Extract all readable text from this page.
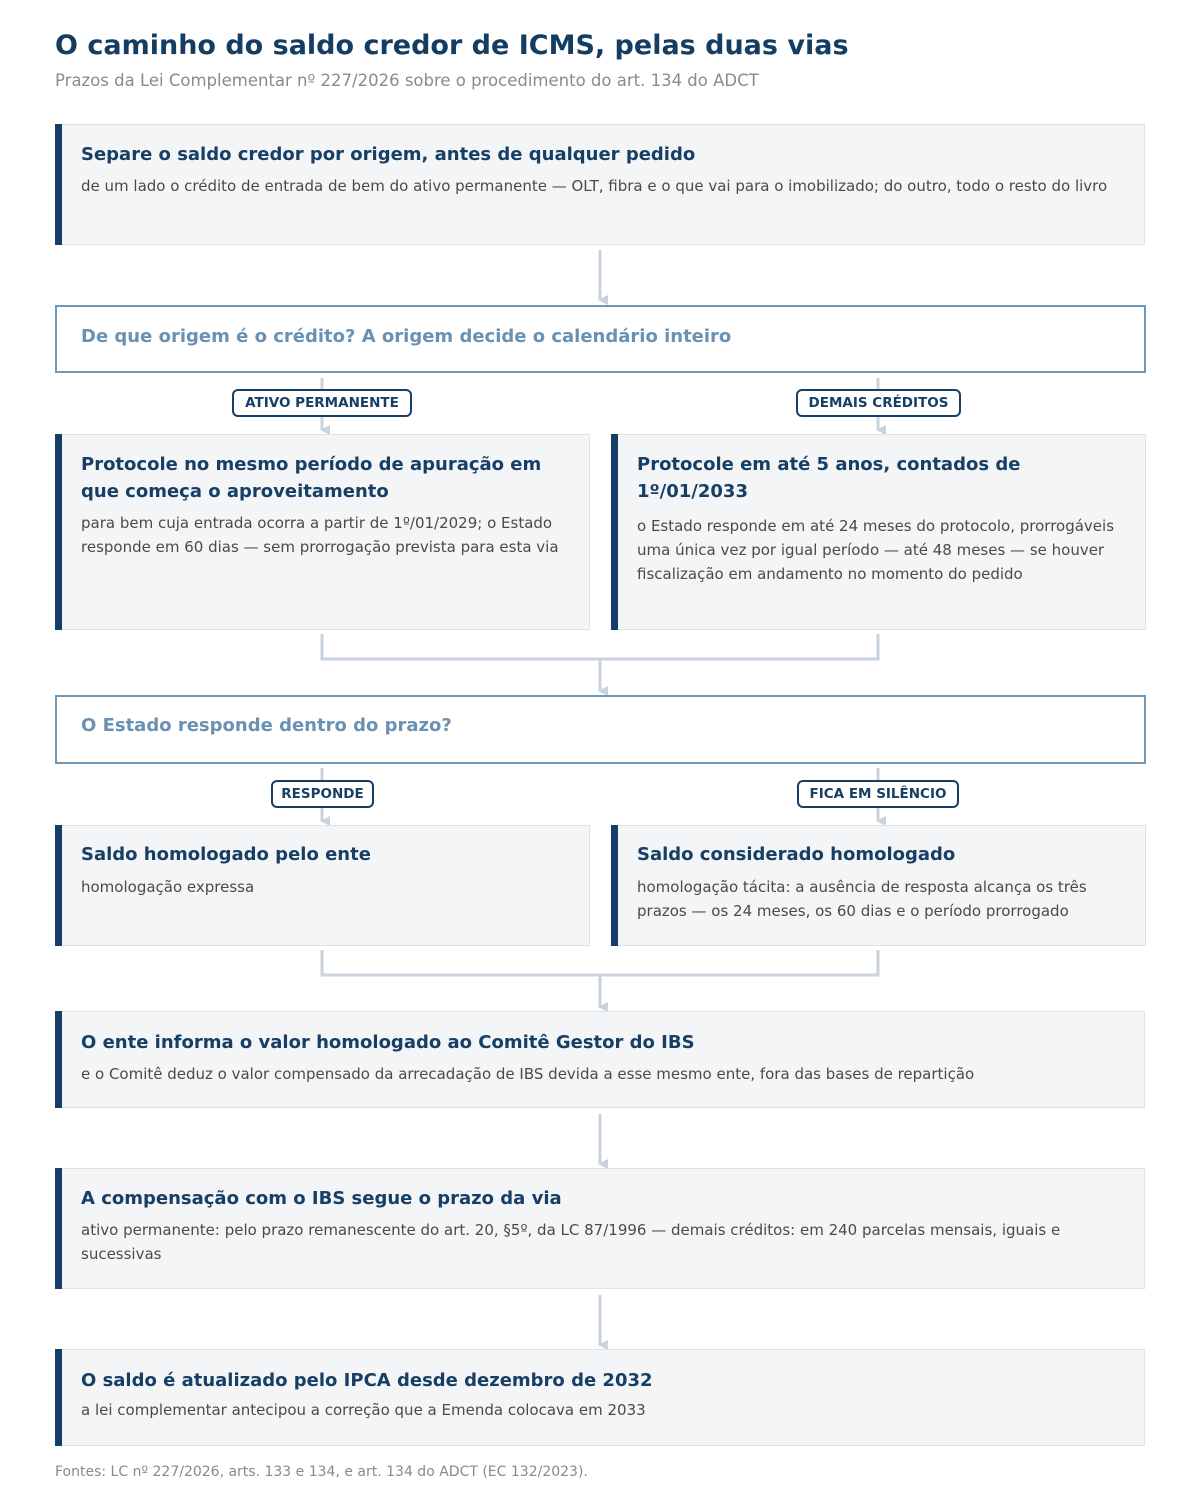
O caminho do saldo credor de ICMS, pelas duas vias
Prazos da Lei Complementar nº 227/2026 sobre o procedimento do art. 134 do ADCT
Separe o saldo credor por origem, antes de qualquer pedido
de um lado o crédito de entrada de bem do ativo permanente — OLT, fibra e o que vai para o imobilizado; do outro, todo o resto do livro
De que origem é o crédito? A origem decide o calendário inteiro
ATIVO PERMANENTE	DEMAIS CRÉDITOS
Protocole no mesmo período de apuração em que começa o aproveitamento
para bem cuja entrada ocorra a partir de 1º/01/2029; o Estado responde em 60 dias — sem prorrogação prevista para esta via
Protocole em até 5 anos, contados de 1º/01/2033
o Estado responde em até 24 meses do protocolo, prorrogáveis uma única vez por igual período — até 48 meses — se houver fiscalização em andamento no momento do pedido
O Estado responde dentro do prazo?
RESPONDE	FICA EM SILÊNCIO
Saldo homologado pelo ente
homologação expressa
Saldo considerado homologado
homologação tácita: a ausência de resposta alcança os três prazos — os 24 meses, os 60 dias e o período prorrogado
O ente informa o valor homologado ao Comitê Gestor do IBS
e o Comitê deduz o valor compensado da arrecadação de IBS devida a esse mesmo ente, fora das bases de repartição
A compensação com o IBS segue o prazo da via
ativo permanente: pelo prazo remanescente do art. 20, §5º, da LC 87/1996 — demais créditos: em 240 parcelas mensais, iguais e sucessivas
O saldo é atualizado pelo IPCA desde dezembro de 2032
a lei complementar antecipou a correção que a Emenda colocava em 2033
Fontes: LC nº 227/2026, arts. 133 e 134, e art. 134 do ADCT (EC 132/2023).
